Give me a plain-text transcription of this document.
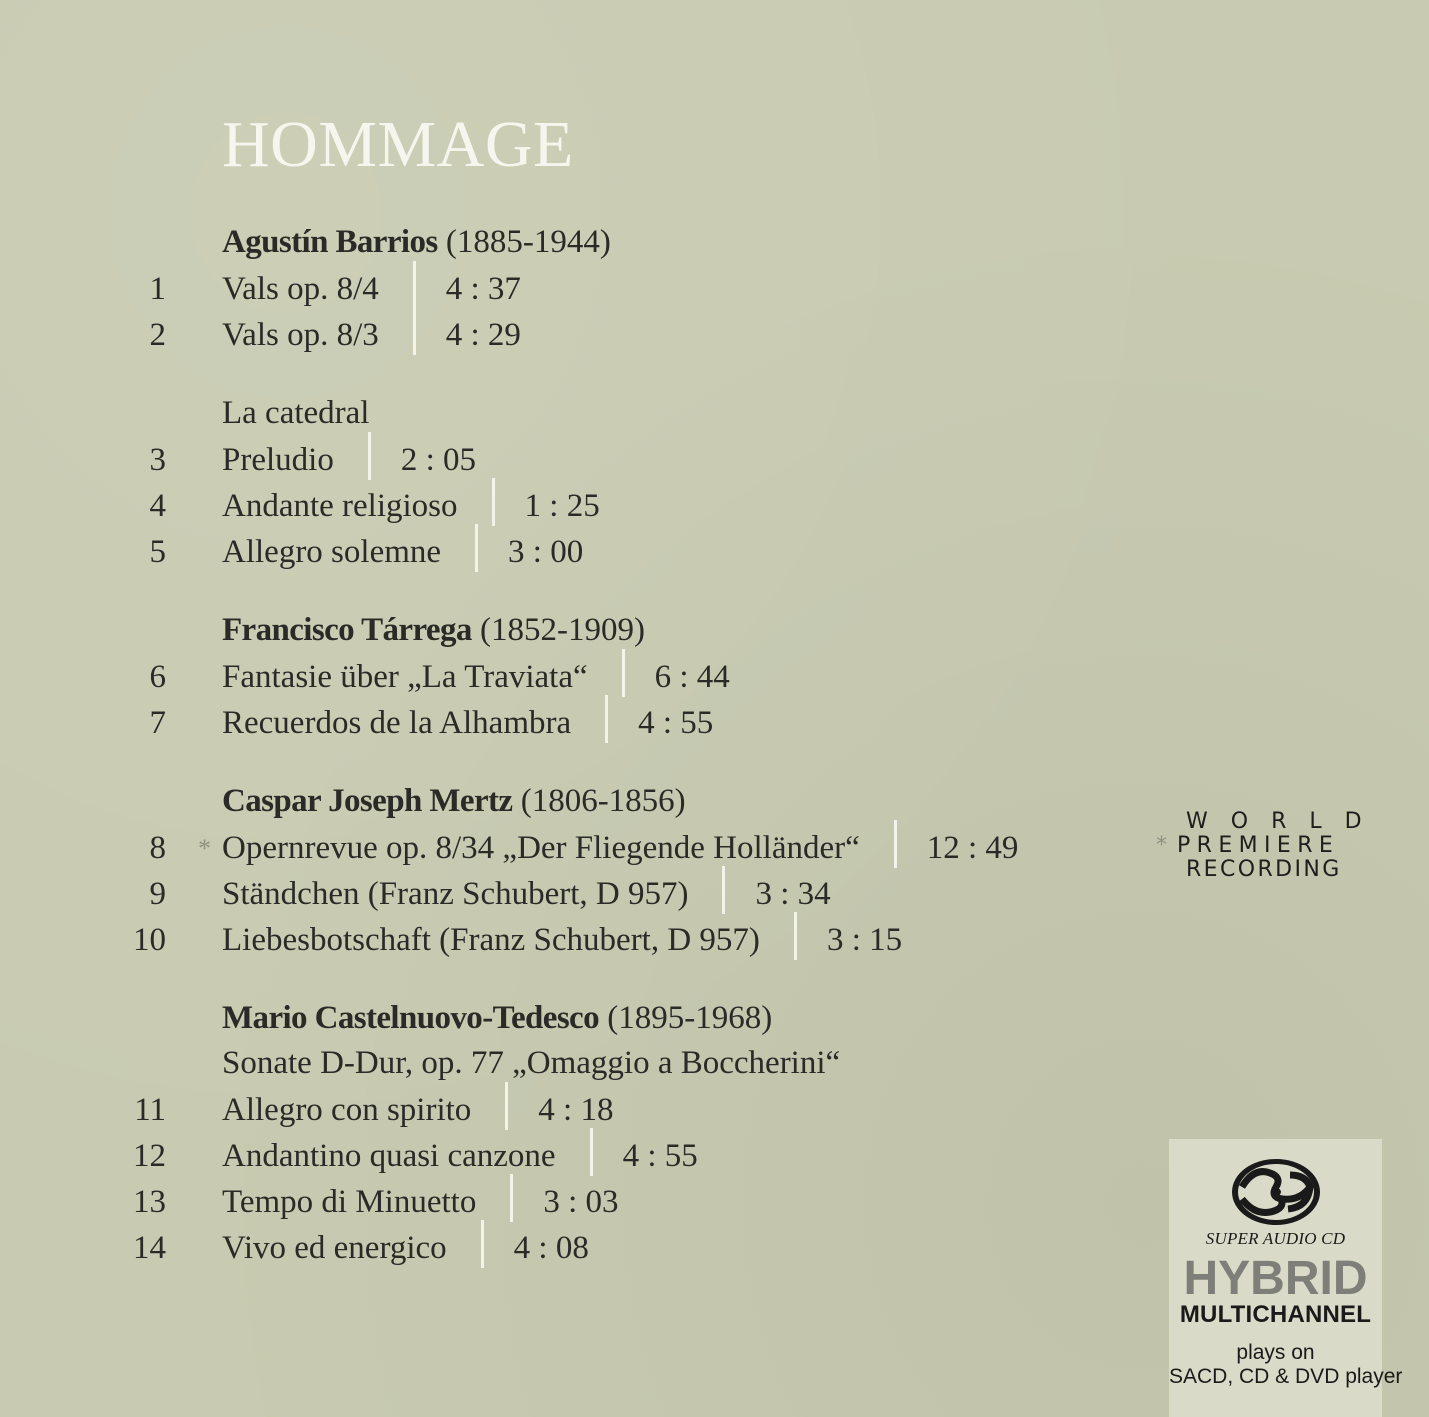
HOMMAGE
Agustín Barrios (1885-1944)
1 Vals op. 8/4 4 : 37
2 Vals op. 8/3 4 : 29
La catedral
3 Preludio 2 : 05
4 Andante religioso 1 : 25
5 Allegro solemne 3 : 00
Francisco Tárrega (1852-1909)
6 Fantasie über „La Traviata“ 6 : 44
7 Recuerdos de la Alhambra 4 : 55
Caspar Joseph Mertz (1806-1856)
8 * Opernrevue op. 8/34 „Der Fliegende Holländer“ 12 : 49
9 Ständchen (Franz Schubert, D 957) 3 : 34
10 Liebesbotschaft (Franz Schubert, D 957) 3 : 15
Mario Castelnuovo-Tedesco (1895-1968)
Sonate D-Dur, op. 77 „Omaggio a Boccherini“
11 Allegro con spirito 4 : 18
12 Andantino quasi canzone 4 : 55
13 Tempo di Minuetto 3 : 03
14 Vivo ed energico 4 : 08
WORLD
* PREMIERE
RECORDING
SUPER AUDIO CD
HYBRID
MULTICHANNEL
plays on
SACD, CD & DVD player
